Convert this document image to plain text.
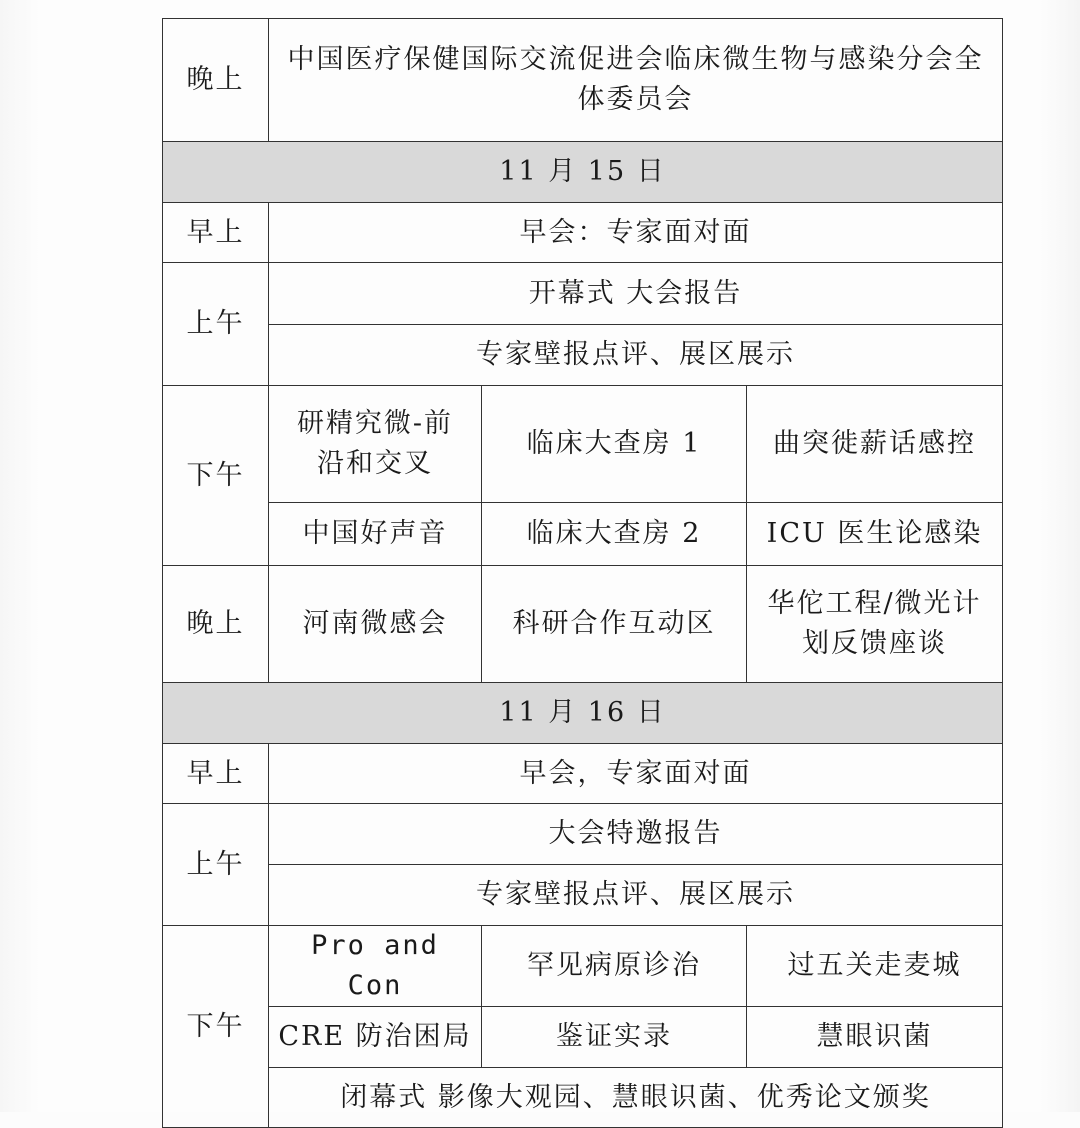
晚上	中国医疗保健国际交流促进会临床微生物与感染分会全体委员会		
11 月 15 日			
早上	早会：专家面对面		
上午	开幕式 大会报告		
	专家壁报点评、展区展示		
下午	研精究微-前沿和交叉	临床大查房 1	曲突徙薪话感控
	中国好声音	临床大查房 2	ICU 医生论感染
晚上	河南微感会	科研合作互动区	华佗工程/微光计划反馈座谈
11 月 16 日			
早上	早会，专家面对面		
上午	大会特邀报告		
	专家壁报点评、展区展示		
下午	Pro and Con	罕见病原诊治	过五关走麦城
	CRE 防治困局	鉴证实录	慧眼识菌
	闭幕式 影像大观园、慧眼识菌、优秀论文颁奖		
